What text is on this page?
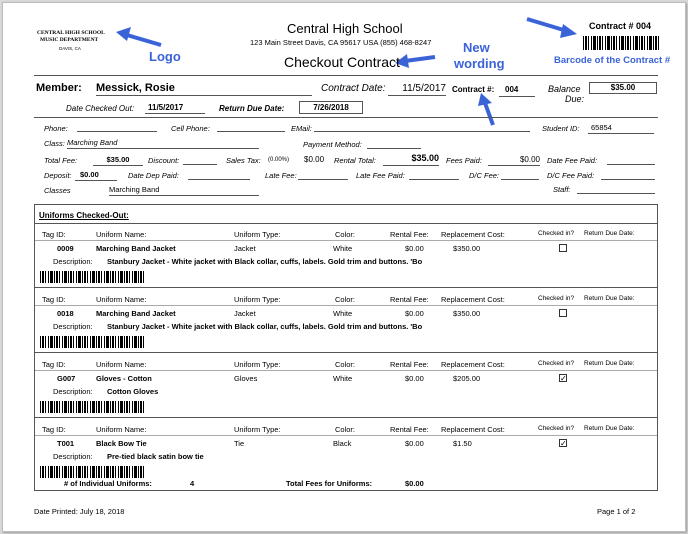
CENTRAL HIGH SCHOOL
MUSIC DEPARTMENT
DAVIS, CA
Logo
New
wording	Barcode of the Contract #
Central High School
123 Main Street Davis, CA 95617 USA (855) 468-8247
Checkout Contract
Contract # 004
Member: Messick, Rosie	Contract Date:	11/5/2017 Contract #:	004	Balance
Due:
$35.00
Date Checked Out:	11/5/2017	Return Due Date:	7/26/2018
Phone:	Cell Phone:	EMail:	Student ID:	65854
Class: Marching Band	Payment Method:
Total Fee:	$35.00	Discount:	Sales Tax: (0.00%) $0.00 Rental Total:	$35.00 Fees Paid:	$0.00 Date Fee Paid:
Deposit:	$0.00	Date Dep Paid:	Late Fee:	Late Fee Paid:	D/C Fee:	D/C Fee Paid:
Classes	Marching Band	Staff:
Uniforms Checked-Out:
Tag ID:	Uniform Name:	Uniform Type:	Color:	Rental Fee: Replacement Cost:	Checked in? Return Due Date:
0009	Marching Band Jacket	Jacket	White	$0.00	$350.00
Description: Stanbury Jacket - White jacket with Black collar, cuffs, labels. Gold trim and buttons. 'Bo
Tag ID:	Uniform Name:	Uniform Type:	Color:	Rental Fee: Replacement Cost:	Checked in? Return Due Date:
0018	Marching Band Jacket	Jacket	White	$0.00	$350.00
Description: Stanbury Jacket - White jacket with Black collar, cuffs, labels. Gold trim and buttons. 'Bo
Tag ID:	Uniform Name:	Uniform Type:	Color:	Rental Fee: Replacement Cost:	Checked in? Return Due Date:
G007	Gloves - Cotton	Gloves	White	$0.00	$205.00	✓
Description: Cotton Gloves
Tag ID:	Uniform Name:	Uniform Type:	Color:	Rental Fee: Replacement Cost:	Checked in? Return Due Date:
T001	Black Bow Tie	Tie	Black	$0.00	$1.50	✓
Description: Pre-tied black satin bow tie
# of Individual Uniforms:	4	Total Fees for Uniforms:	$0.00
Date Printed: July 18, 2018	Page 1 of 2
